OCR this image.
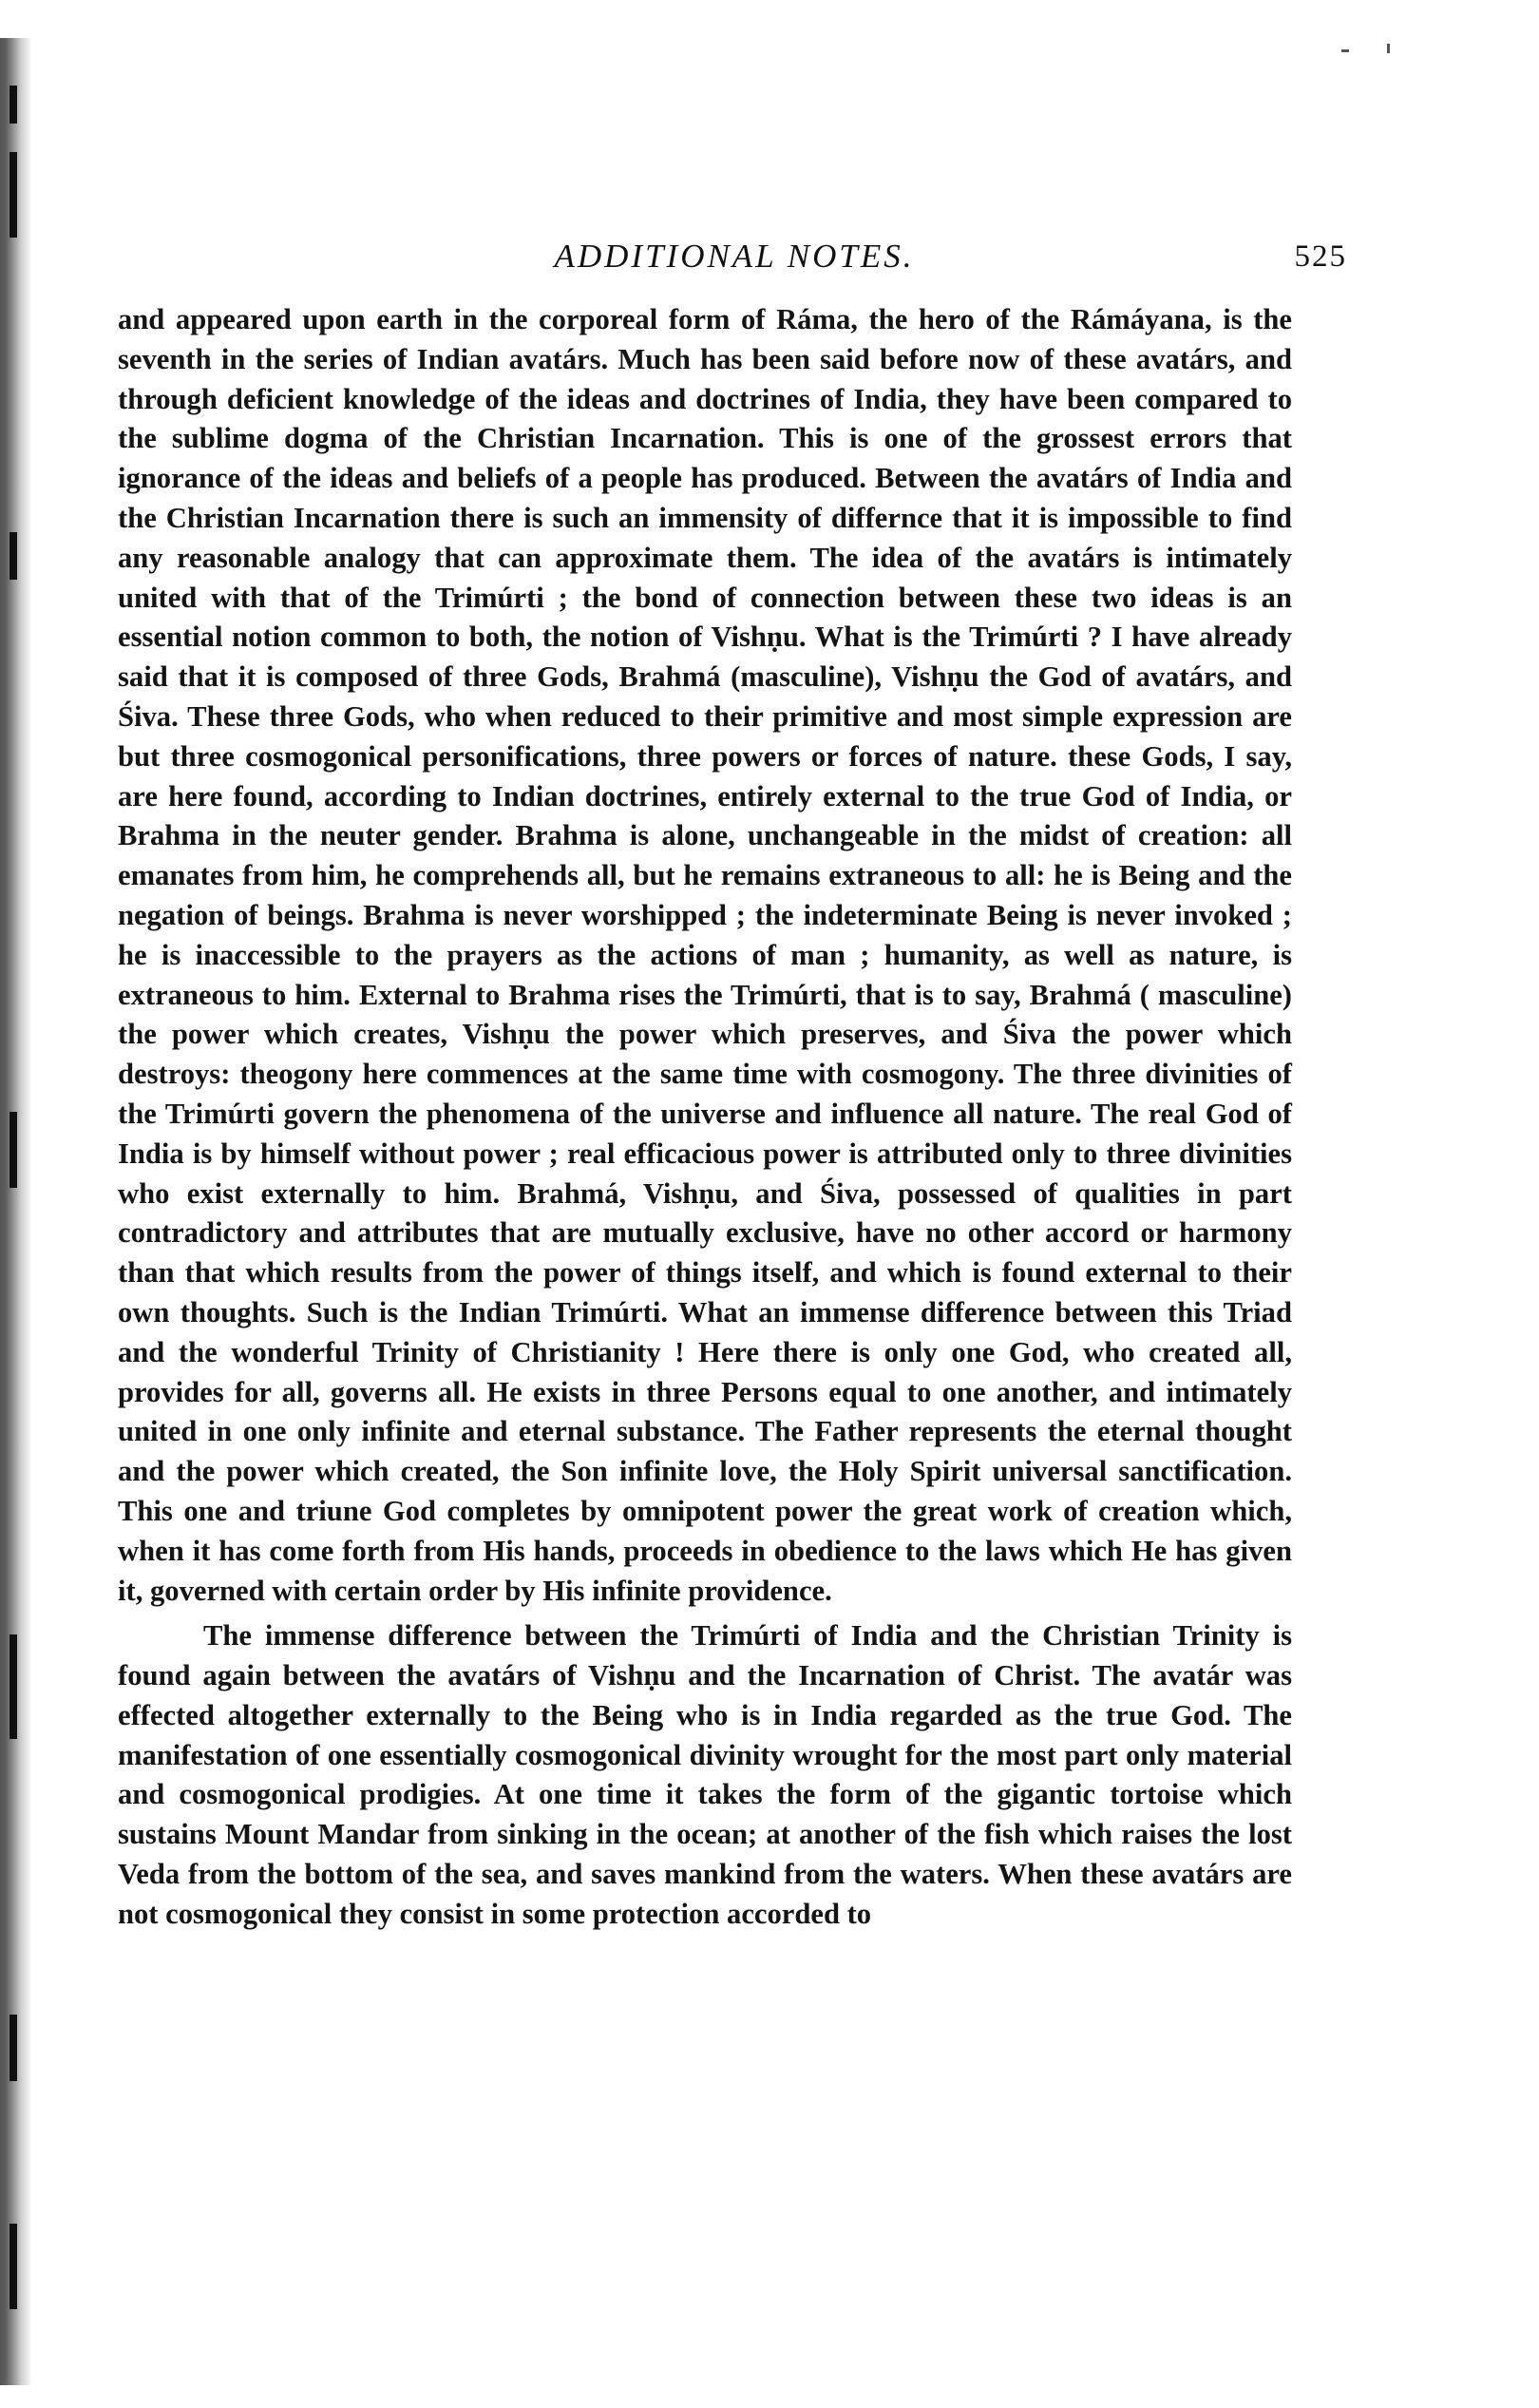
ADDITIONAL NOTES.	525

and appeared upon earth in the corporeal form of Ráma, the hero of the Rámáyana, is the seventh in the series of Indian avatárs. Much has been said before now of these avatárs, and through deficient knowledge of the ideas and doctrines of India, they have been compared to the sublime dogma of the Christian Incarnation. This is one of the grossest errors that ignorance of the ideas and beliefs of a people has produced. Between the avatárs of India and the Christian Incarnation there is such an immensity of differnce that it is impossible to find any reasonable analogy that can approximate them. The idea of the avatárs is intimately united with that of the Trimúrti ; the bond of connection between these two ideas is an essential notion common to both, the notion of Vishṇu. What is the Trimúrti ? I have already said that it is composed of three Gods, Brahmá (masculine), Vishṇu the God of avatárs, and Śiva. These three Gods, who when reduced to their primitive and most simple expression are but three cosmogonical personifications, three powers or forces of nature. these Gods, I say, are here found, according to Indian doctrines, entirely external to the true God of India, or Brahma in the neuter gender. Brahma is alone, unchangeable in the midst of creation: all emanates from him, he comprehends all, but he remains extraneous to all: he is Being and the negation of beings. Brahma is never worshipped ; the indeterminate Being is never invoked ; he is inaccessible to the prayers as the actions of man ; humanity, as well as nature, is extraneous to him. External to Brahma rises the Trimúrti, that is to say, Brahmá ( masculine) the power which creates, Vishṇu the power which preserves, and Śiva the power which destroys: theogony here commences at the same time with cosmogony. The three divinities of the Trimúrti govern the phenomena of the universe and influence all nature. The real God of India is by himself without power ; real efficacious power is attributed only to three divinities who exist externally to him. Brahmá, Vishṇu, and Śiva, possessed of qualities in part contradictory and attributes that are mutually exclusive, have no other accord or harmony than that which results from the power of things itself, and which is found external to their own thoughts. Such is the Indian Trimúrti. What an immense difference between this Triad and the wonderful Trinity of Christianity ! Here there is only one God, who created all, provides for all, governs all. He exists in three Persons equal to one another, and intimately united in one only infinite and eternal substance. The Father represents the eternal thought and the power which created, the Son infinite love, the Holy Spirit universal sanctification. This one and triune God completes by omnipotent power the great work of creation which, when it has come forth from His hands, proceeds in obedience to the laws which He has given it, governed with certain order by His infinite providence.

The immense difference between the Trimúrti of India and the Christian Trinity is found again between the avatárs of Vishṇu and the Incarnation of Christ. The avatár was effected altogether externally to the Being who is in India regarded as the true God. The manifestation of one essentially cosmogonical divinity wrought for the most part only material and cosmogonical prodigies. At one time it takes the form of the gigantic tortoise which sustains Mount Mandar from sinking in the ocean; at another of the fish which raises the lost Veda from the bottom of the sea, and saves mankind from the waters. When these avatárs are not cosmogonical they consist in some protection accorded to
